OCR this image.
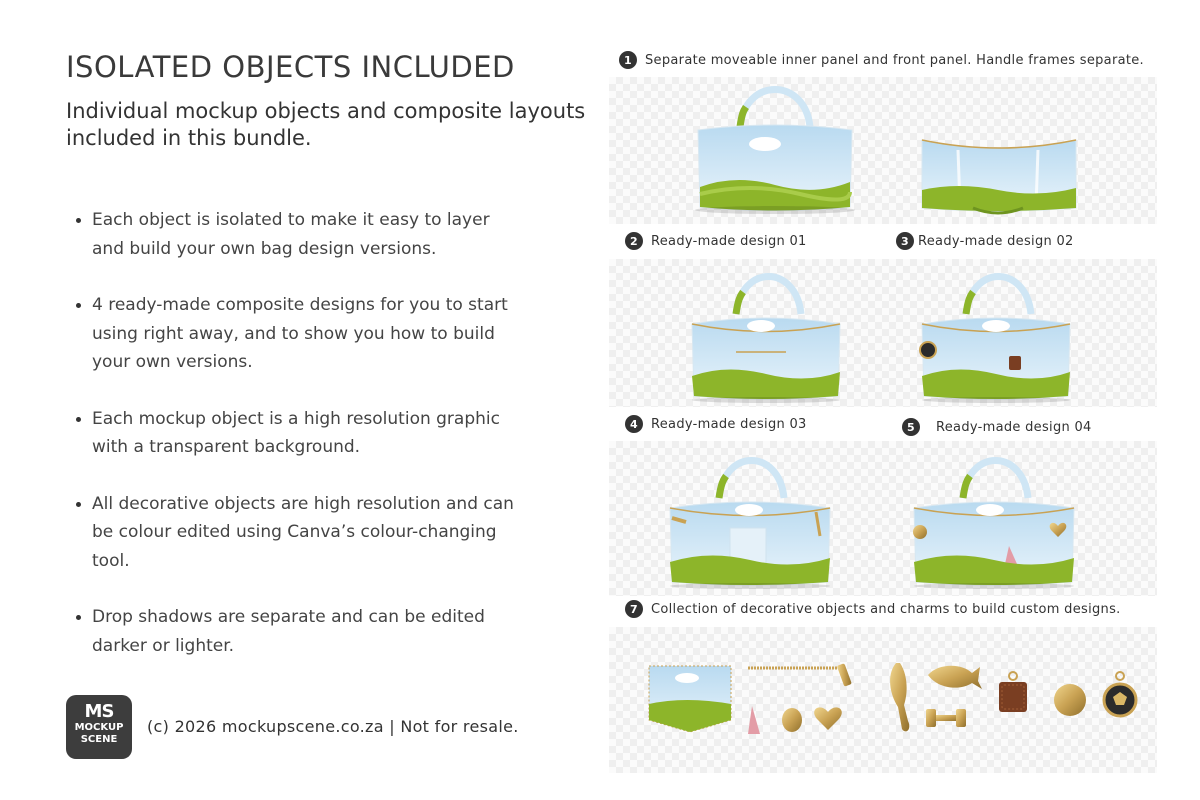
ISOLATED OBJECTS INCLUDED
Individual mockup objects and composite layouts included in this bundle.
Each object is isolated to make it easy to layer and build your own bag design versions.
4 ready-made composite designs for you to start using right away, and to show you how to build your own versions.
Each mockup object is a high resolution graphic with a transparent background.
All decorative objects are high resolution and can be colour edited using Canva’s colour-changing tool.
Drop shadows are separate and can be edited darker or lighter.
MS
MOCKUP
SCENE
(c) 2026 mockupscene.co.za | Not for resale.
1	Separate moveable inner panel and front panel. Handle frames separate.
2	Ready-made design 01	3 Ready-made design 02
4	Ready-made design 03	5	Ready-made design 04
7	Collection of decorative objects and charms to build custom designs.
